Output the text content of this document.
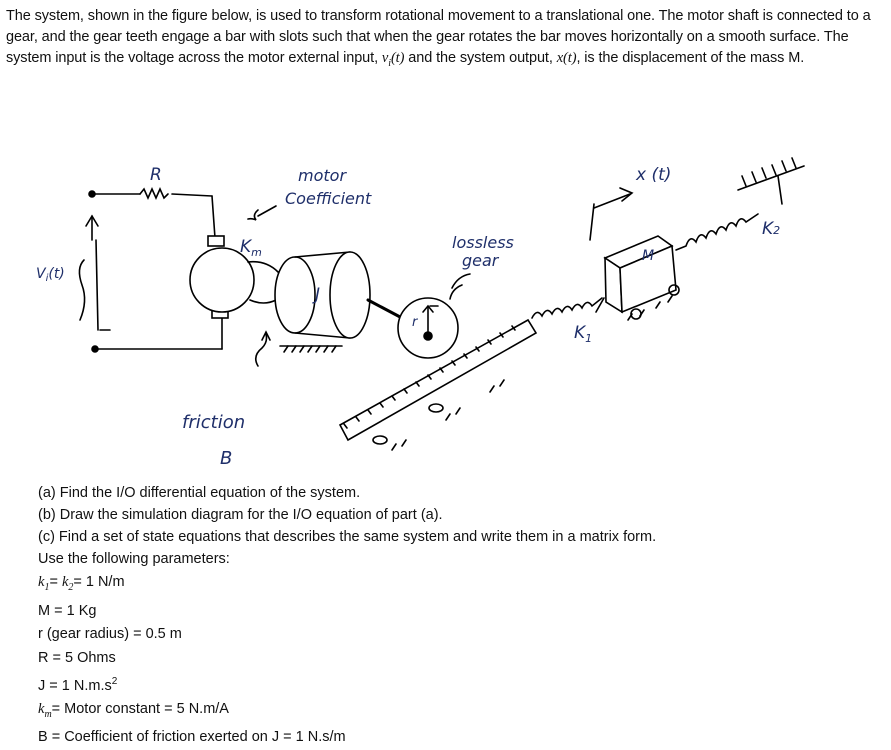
The system, shown in the figure below, is used to transform rotational movement to a translational one. The motor shaft is connected to a gear, and the gear teeth engage a bar with slots such that when the gear rotates the bar moves horizontally on a smooth surface. The system input is the voltage across the motor external input, $v_i(t)$ and the system output, x(t), is the displacement of the mass M.
R
$V_i(t)$
$K_m$
motor
Coefficient
J
friction
B
lossless
gear
r
x (t)
M
$K_1$
K2
(a) Find the I/O differential equation of the system.
(b) Draw the simulation diagram for the I/O equation of part (a).
(c) Find a set of state equations that describes the same system and write them in a matrix form.
Use the following parameters:
$k_1= k_2= 1$ N/m
M = 1 Kg
r (gear radius) = 0.5 m
R = 5 Ohms
J = 1 $N.m.s^2$
$k_m=$ Motor constant = 5 N.m/A
B = Coefficient of friction exerted on J = 1 N.s/m
